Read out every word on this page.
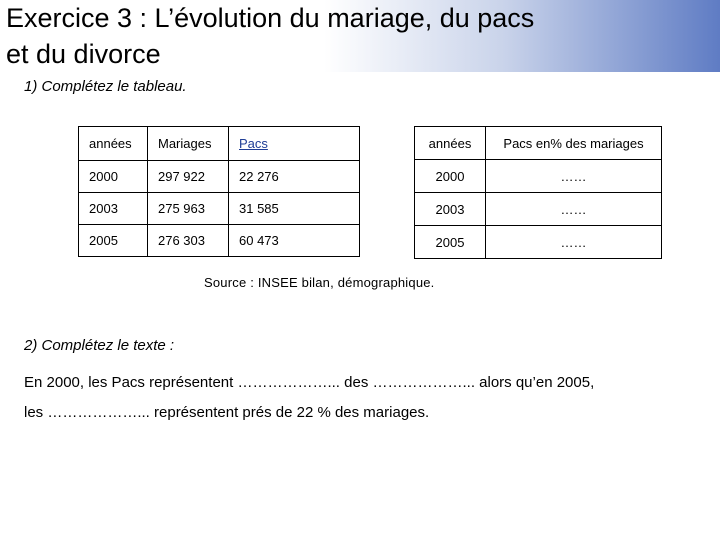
Exercice 3 : L’évolution du mariage, du pacs
et du divorce
1) Complétez le tableau.
années	Mariages	Pacs
2000	297 922	22 276
2003	275 963	31 585
2005	276 303	60 473
années	Pacs en% des mariages
2000	……
2003	……
2005	……
Source : INSEE bilan, démographique.
2) Complétez le texte :
En 2000, les Pacs représentent ………………... des ………………... alors qu’en 2005,
les ………………... représentent prés de 22 % des mariages.
